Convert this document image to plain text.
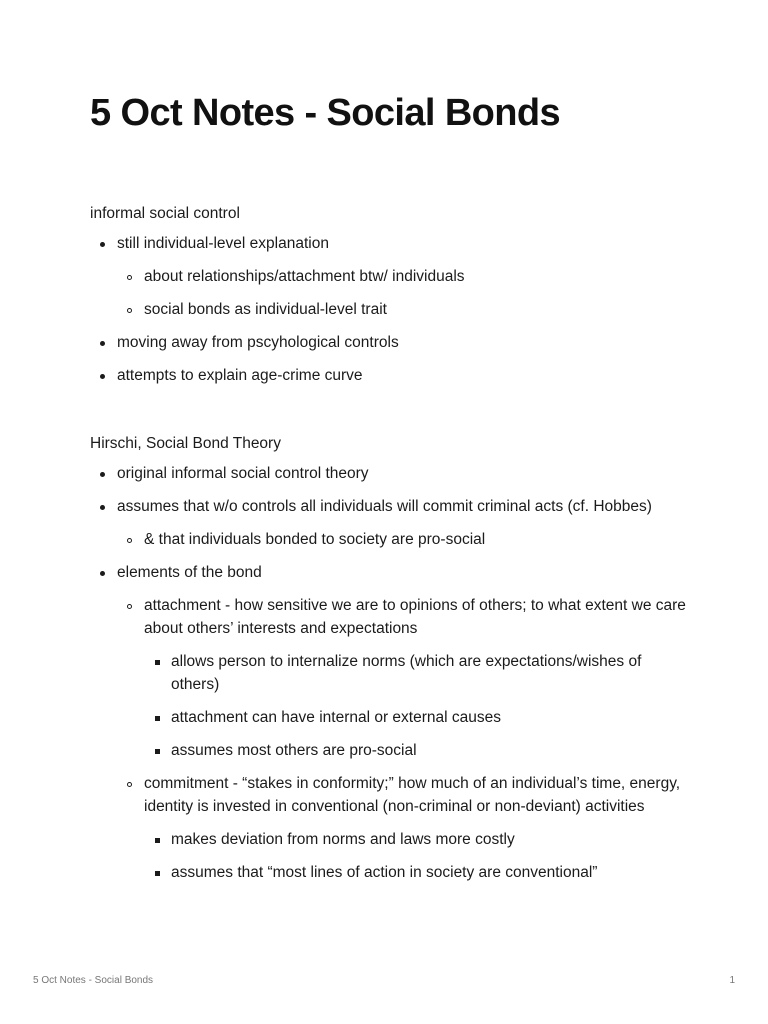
5 Oct Notes - Social Bonds

informal social control

still individual-level explanation
about relationships/attachment btw/ individuals
social bonds as individual-level trait
moving away from pscyhological controls
attempts to explain age-crime curve

Hirschi, Social Bond Theory

original informal social control theory
assumes that w/o controls all individuals will commit criminal acts (cf. Hobbes)
& that individuals bonded to society are pro-social
elements of the bond
attachment - how sensitive we are to opinions of others; to what extent we care about others’ interests and expectations
allows person to internalize norms (which are expectations/wishes of others)
attachment can have internal or external causes
assumes most others are pro-social
commitment - “stakes in conformity;” how much of an individual’s time, energy, identity is invested in conventional (non-criminal or non-deviant) activities
makes deviation from norms and laws more costly
assumes that “most lines of action in society are conventional”
5 Oct Notes - Social Bonds	1
